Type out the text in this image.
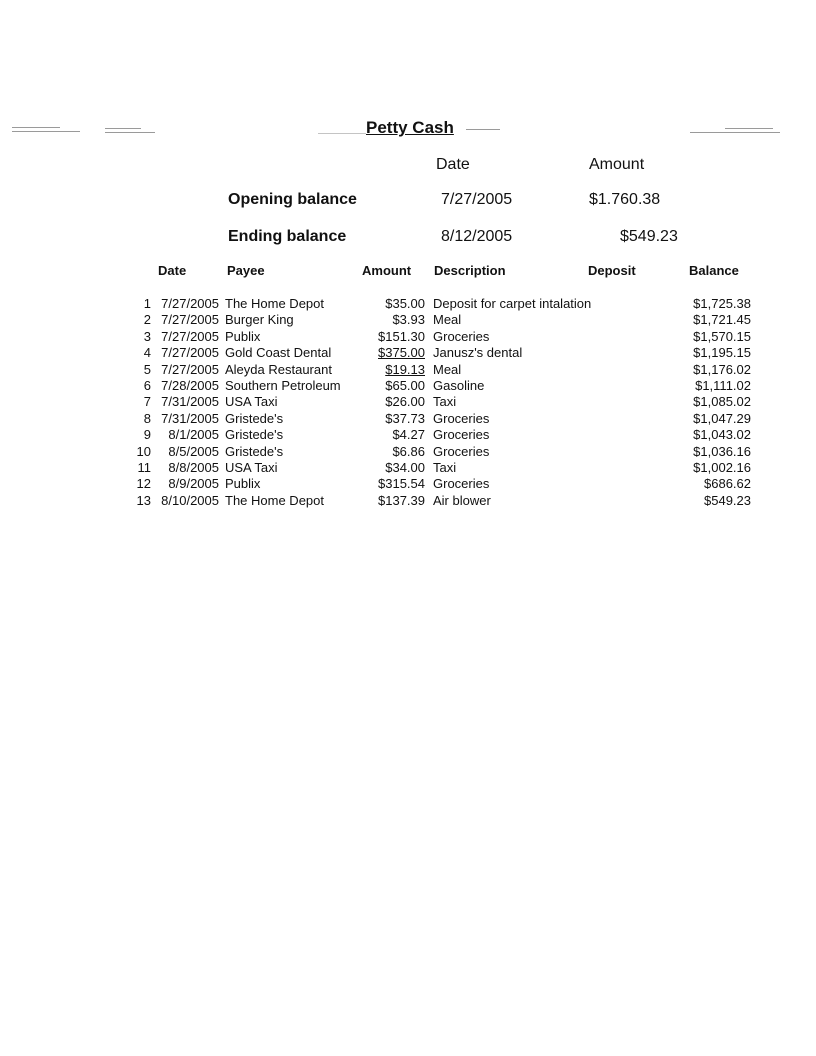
Petty Cash
Date	Amount
Opening balance	7/27/2005	$1.760.38
Ending balance	8/12/2005	$549.23
Date	Payee	Amount Description	Deposit	Balance
1 7/27/2005 The Home Depot	$35.00 Deposit for carpet intalation	$1,725.38
2 7/27/2005 Burger King	$3.93 Meal	$1,721.45
3 7/27/2005 Publix	$151.30 Groceries	$1,570.15
4 7/27/2005 Gold Coast Dental	$375.00 Janusz's dental	$1,195.15
5 7/27/2005 Aleyda Restaurant	$19.13 Meal	$1,176.02
6 7/28/2005 Southern Petroleum	$65.00 Gasoline	$1,111.02
7 7/31/2005 USA Taxi	$26.00 Taxi	$1,085.02
8 7/31/2005 Gristede's	$37.73 Groceries	$1,047.29
9 8/1/2005 Gristede's	$4.27 Groceries	$1,043.02
10 8/5/2005 Gristede's	$6.86 Groceries	$1,036.16
11 8/8/2005 USA Taxi	$34.00 Taxi	$1,002.16
12 8/9/2005 Publix	$315.54 Groceries	$686.62
13 8/10/2005 The Home Depot	$137.39 Air blower	$549.23
